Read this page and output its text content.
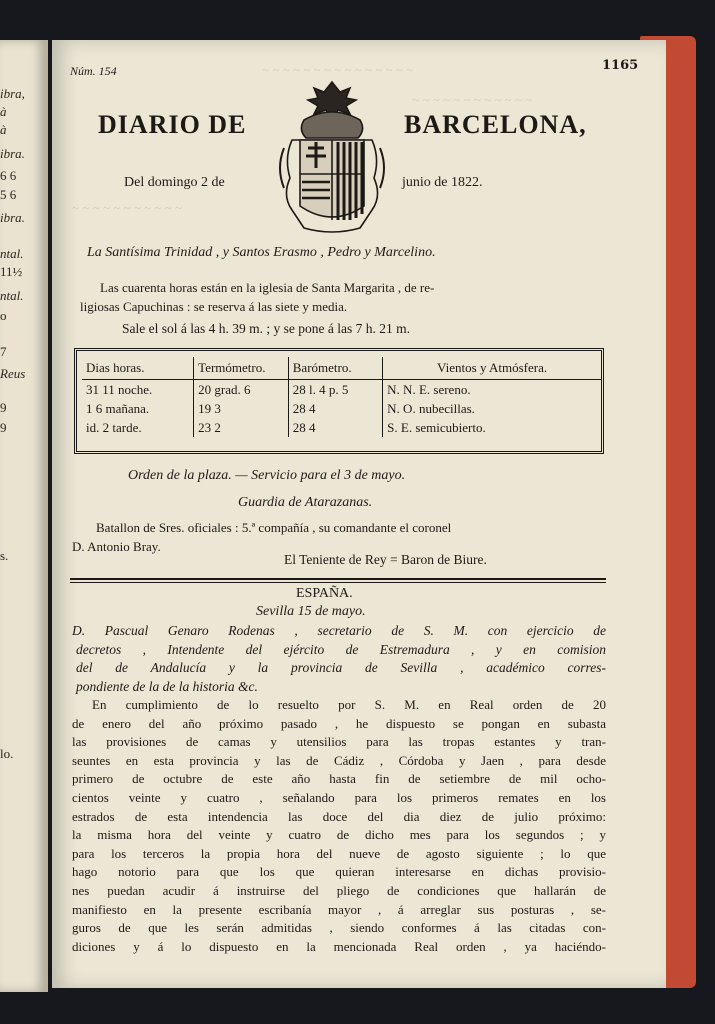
ibra,
à
à
ibra.
6 6
5 6
ibra.
ntal.
11½
ntal.
o
7
Reus
9
9
s.
lo.
~ ~ ~ ~ ~ ~ ~ ~ ~ ~ ~ ~ ~ ~ ~
~ ~ ~ ~ ~ ~ ~ ~ ~ ~ ~ ~
~ ~ ~ ~ ~ ~ ~ ~ ~ ~ ~
Núm. 154	1165
DIARIO DE	BARCELONA,
Del domingo 2 de	junio de 1822.
La Santísima Trinidad , y Santos Erasmo , Pedro y Marcelino.
Las cuarenta horas están en la iglesia de Santa Margarita , de re-
ligiosas Capuchinas : se reserva á las siete y media.
Sale el sol á las 4 h. 39 m. ; y se pone á las 7 h. 21 m.
Dias horas.	Termómetro.	Barómetro.	Vientos y Atmósfera.
31 11 noche.	20 grad. 6	28 l. 4 p. 5	N. N. E. sereno.
1 6 mañana.	19 3	28 4	N. O. nubecillas.
id. 2 tarde.	23 2	28 4	S. E. semicubierto.
Orden de la plaza. — Servicio para el 3 de mayo.
Guardia de Atarazanas.
Batallon de Sres. oficiales : 5.ª compañía , su comandante el coronel
D. Antonio Bray.
El Teniente de Rey = Baron de Biure.
ESPAÑA.
Sevilla 15 de mayo.
D. Pascual Genaro Rodenas , secretario de S. M. con ejercicio de
decretos , Intendente del ejército de Estremadura , y en comision
del de Andalucía y la provincia de Sevilla , académico corres-
pondiente de la de la historia &c.
En cumplimiento de lo resuelto por S. M. en Real orden de 20
de enero del año próximo pasado , he dispuesto se pongan en subasta
las provisiones de camas y utensilios para las tropas estantes y tran-
seuntes en esta provincia y las de Cádiz , Córdoba y Jaen , para desde
primero de octubre de este año hasta fin de setiembre de mil ocho-
cientos veinte y cuatro , señalando para los primeros remates en los
estrados de esta intendencia las doce del dia diez de julio próximo:
la misma hora del veinte y cuatro de dicho mes para los segundos ; y
para los terceros la propia hora del nueve de agosto siguiente ; lo que
hago notorio para que los que quieran interesarse en dichas provisio-
nes puedan acudir á instruirse del pliego de condiciones que hallarán de
manifiesto en la presente escribanía mayor , á arreglar sus posturas , se-
guros de que les serán admitidas , siendo conformes á las citadas con-
diciones y á lo dispuesto en la mencionada Real orden , ya haciéndo-
